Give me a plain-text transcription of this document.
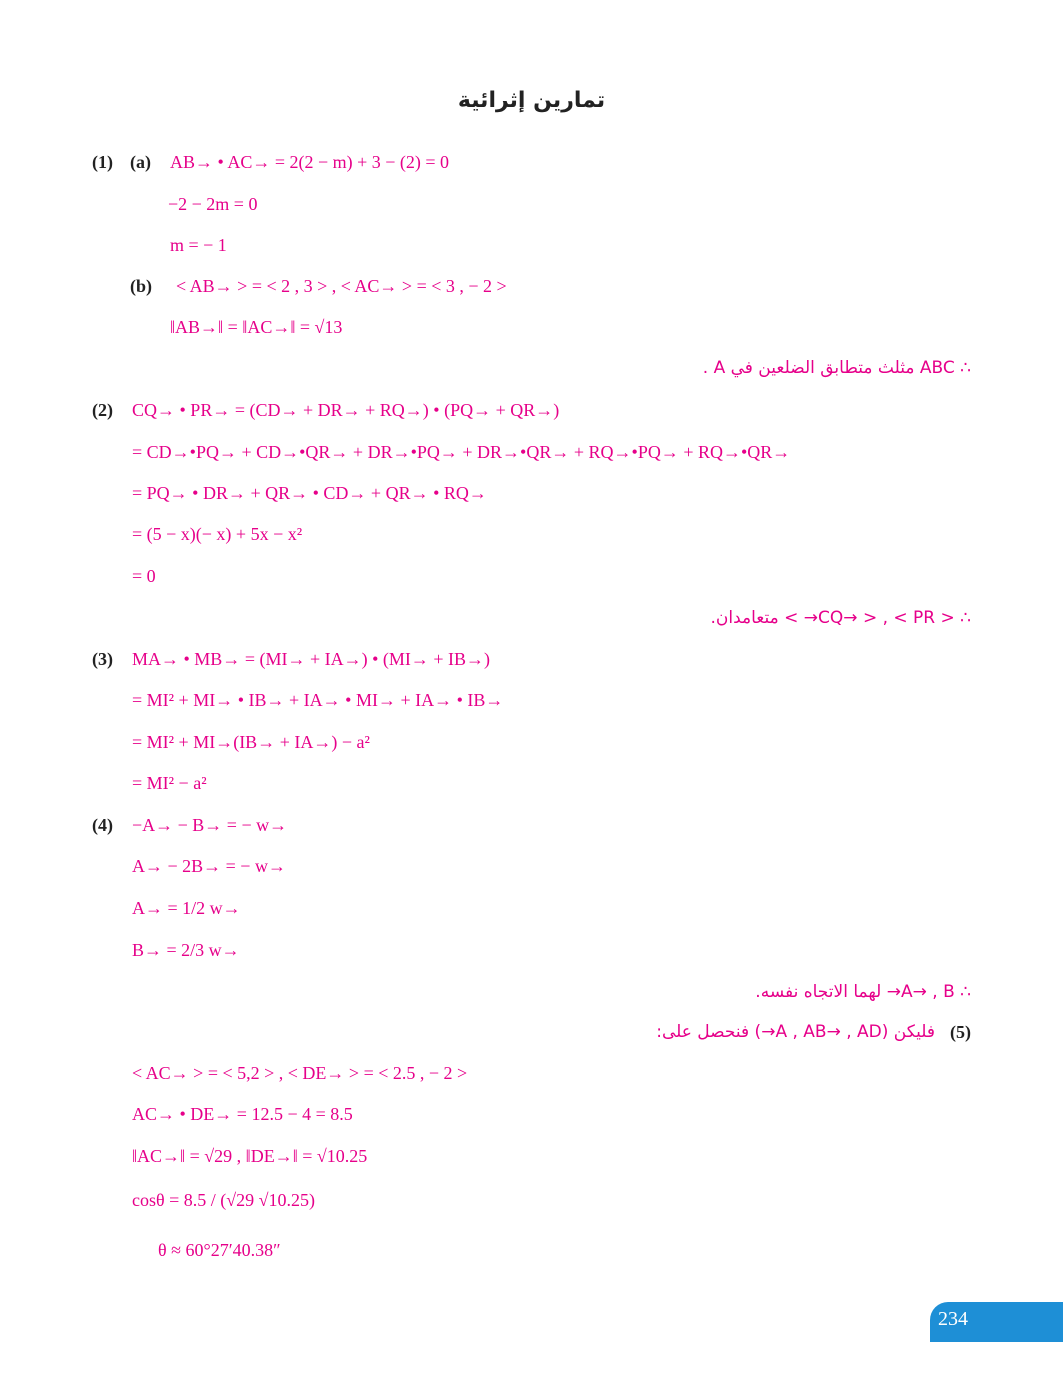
تمارين إثرائية
(1) (a) AB→ • AC→ = 2(2 − m) + 3 − (2) = 0
−2 − 2m = 0
m = − 1
(b) < AB→ > = < 2 , 3 > , < AC→ > = < 3 , − 2 >
‖AB→‖ = ‖AC→‖ = √13
∴ ABC مثلث متطابق الضلعين في A .
(2) CQ→ • PR→ = (CD→ + DR→ + RQ→) • (PQ→ + QR→)
= CD→•PQ→ + CD→•QR→ + DR→•PQ→ + DR→•QR→ + RQ→•PQ→ + RQ→•QR→
= PQ→ • DR→ + QR→ • CD→ + QR→ • RQ→
= (5 − x)(− x) + 5x − x²
= 0
∴ < CQ→ > , < PR→ > متعامدان.
(3) MA→ • MB→ = (MI→ + IA→) • (MI→ + IB→)
= MI² + MI→ • IB→ + IA→ • MI→ + IA→ • IB→
= MI² + MI→(IB→ + IA→) − a²
= MI² − a²
(4) −A→ − B→ = − w→
A→ − 2B→ = − w→
A→ = 1/2 w→
B→ = 2/3 w→
∴ A→ , B→ لهما الاتجاه نفسه.
(5)
فليكن (A , AB→ , AD→) فنحصل على:
< AC→ > = < 5,2 > , < DE→ > = < 2.5 , − 2 >
AC→ • DE→ = 12.5 − 4 = 8.5
‖AC→‖ = √29 , ‖DE→‖ = √10.25
cosθ = 8.5 / (√29 √10.25)
θ ≈ 60°27′40.38″
234
